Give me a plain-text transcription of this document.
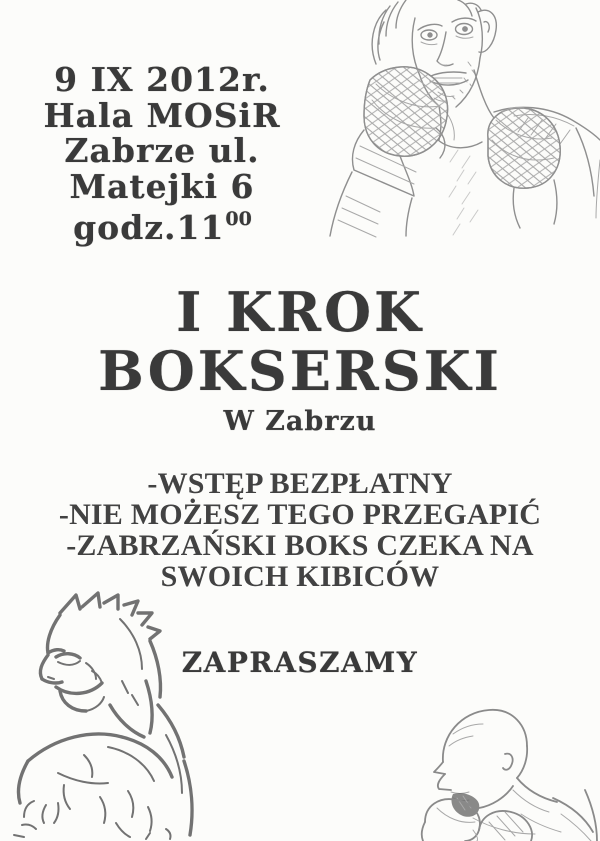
9 IX 2012r.
Hala MOSiR
Zabrze ul.
Matejki 6
$godz.11^{00}$
I KROK
BOKSERSKI
W Zabrzu
-WSTĘP BEZPŁATNY
-NIE MOŻESZ TEGO PRZEGAPIĆ
-ZABRZAŃSKI BOKS CZEKA NA SWOICH KIBICÓW
ZAPRASZAMY
